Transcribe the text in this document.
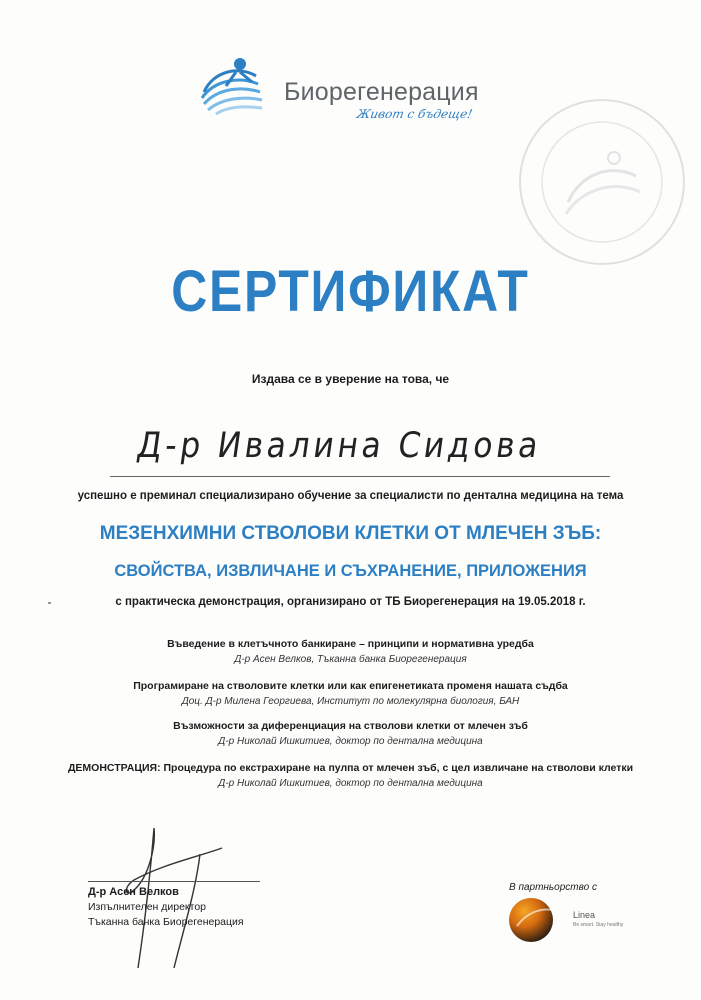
Биорегенерация
Живот с бъдеще!
СЕРТИФИКАТ
Издава се в уверение на това, че
Д-р Ивалина Сидова
успешно е преминал специализирано обучение за специалисти по дентална медицина на тема
МЕЗЕНХИМНИ СТВОЛОВИ КЛЕТКИ ОТ МЛЕЧЕН ЗЪБ:
СВОЙСТВА, ИЗВЛИЧАНЕ И СЪХРАНЕНИЕ, ПРИЛОЖЕНИЯ
с практическа демонстрация, организирано от ТБ Биорегенерация на 19.05.2018 г.
Въведение в клетъчното банкиране – принципи и нормативна уредба
Д-р Асен Велков, Тъканна банка Биорегенерация
Програмиране на стволовите клетки или как епигенетиката променя нашата съдба
Доц. Д-р Милена Георгиева, Институт по молекулярна биология, БАН
Възможности за диференциация на стволови клетки от млечен зъб
Д-р Николай Ишкитиев, доктор по дентална медицина
ДЕМОНСТРАЦИЯ: Процедура по екстрахиране на пулпа от млечен зъб, с цел извличане на стволови клетки
Д-р Николай Ишкитиев, доктор по дентална медицина
Д-р Асен Велков
Изпълнителен директор
Тъканна банка Биорегенерация
В партньорство с
Linea
Be smart. Stay healthy
